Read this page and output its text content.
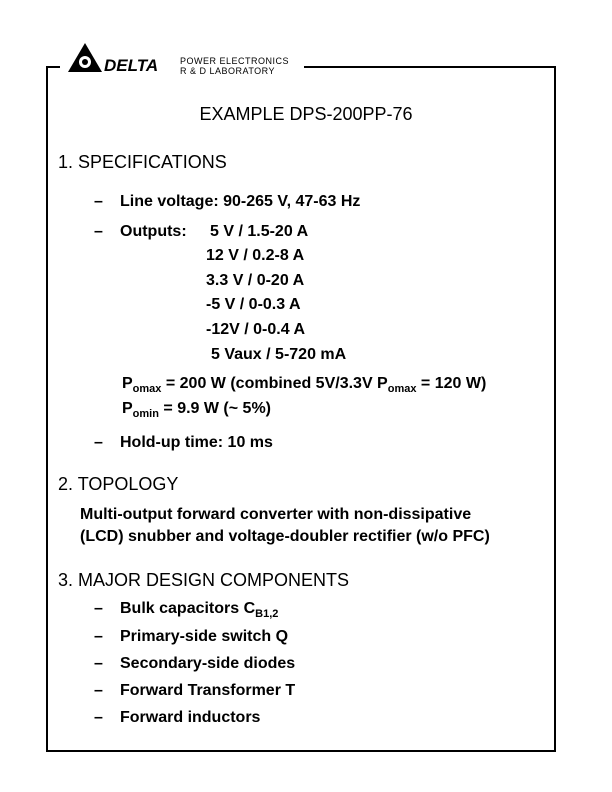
DELTA POWER ELECTRONICS
R & D LABORATORY
EXAMPLE DPS-200PP-76
1. SPECIFICATIONS
– Line voltage: 90-265 V, 47-63 Hz
– Outputs: 5 V / 1.5-20 A
12 V / 0.2-8 A
3.3 V / 0-20 A
-5 V / 0-0.3 A
-12V / 0-0.4 A
5 Vaux / 5-720 mA
$P_{omax} = 200$ W (combined 5V/3.3V $P_{omax} = 120$ W)
$P_{omin} = 9.9$ W (~ 5%)
– Hold-up time: 10 ms
2. TOPOLOGY
Multi-output forward converter with non-dissipative
(LCD) snubber and voltage-doubler rectifier (w/o PFC)
3. MAJOR DESIGN COMPONENTS
– Bulk capacitors $C_{B1,2}$
– Primary-side switch Q
– Secondary-side diodes
– Forward Transformer T
– Forward inductors
